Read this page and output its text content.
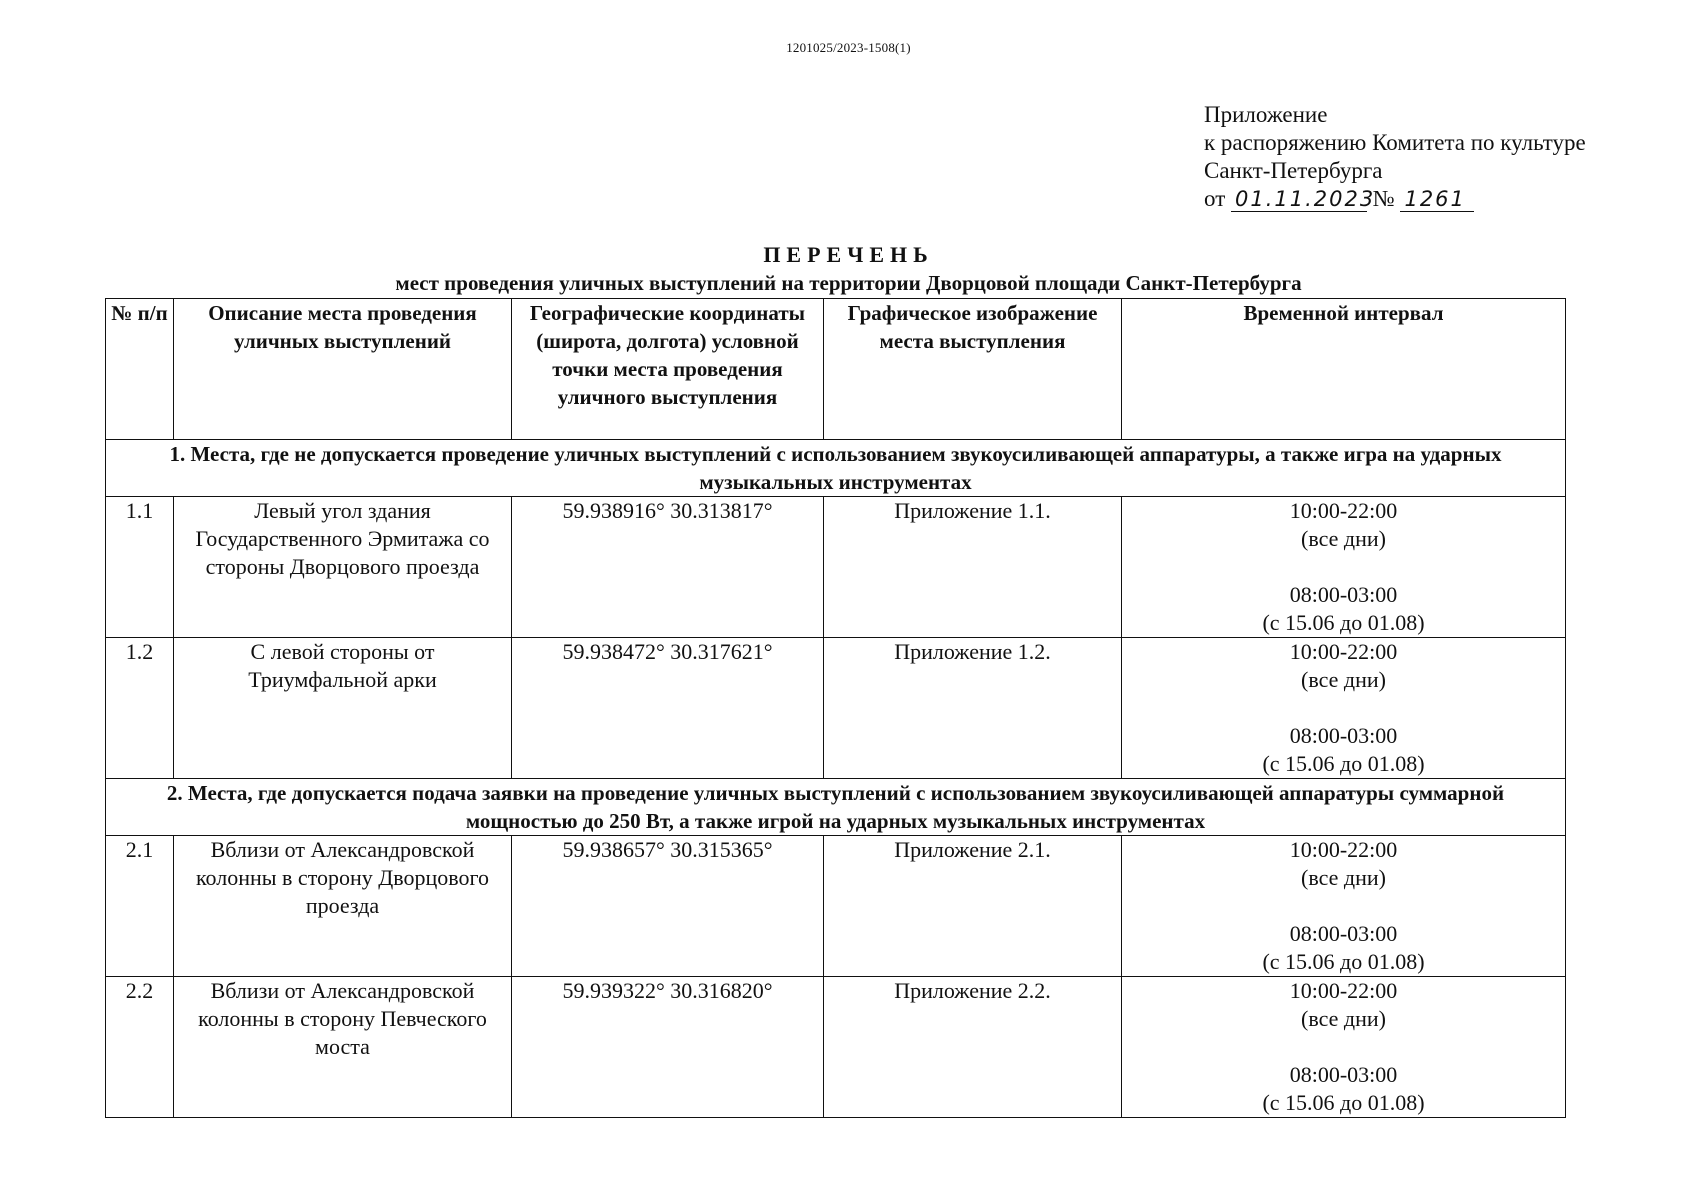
1201025/2023-1508(1)
Приложение
к распоряжению Комитета по культуре
Санкт-Петербурга
от
01.11.2023

№
1261
ПЕРЕЧЕНЬ
мест проведения уличных выступлений на территории Дворцовой площади Санкт-Петербурга
№ п/п	Описание места проведения уличных выступлений	Географические координаты (широта, долгота) условной точки места проведения уличного выступления	Графическое изображение места выступления	Временной интервал
1. Места, где не допускается проведение уличных выступлений с использованием звукоусиливающей аппаратуры, а также игра на ударных музыкальных инструментах				
1.1	Левый угол здания Государственного Эрмитажа со стороны Дворцового проезда	59.938916° 30.313817°	Приложение 1.1.	10:00-22:00
(все дни)
08:00-03:00
(с 15.06 до 01.08)

1.2	С левой стороны от Триумфальной арки	59.938472° 30.317621°	Приложение 1.2.	10:00-22:00
(все дни)
08:00-03:00
(с 15.06 до 01.08)

2. Места, где допускается подача заявки на проведение уличных выступлений с использованием звукоусиливающей аппаратуры суммарной мощностью до 250 Вт, а также игрой на ударных музыкальных инструментах				
2.1	Вблизи от Александровской колонны в сторону Дворцового проезда	59.938657° 30.315365°	Приложение 2.1.	10:00-22:00
(все дни)
08:00-03:00
(с 15.06 до 01.08)

2.2	Вблизи от Александровской колонны в сторону Певческого моста	59.939322° 30.316820°	Приложение 2.2.	10:00-22:00
(все дни)
08:00-03:00
(с 15.06 до 01.08)
